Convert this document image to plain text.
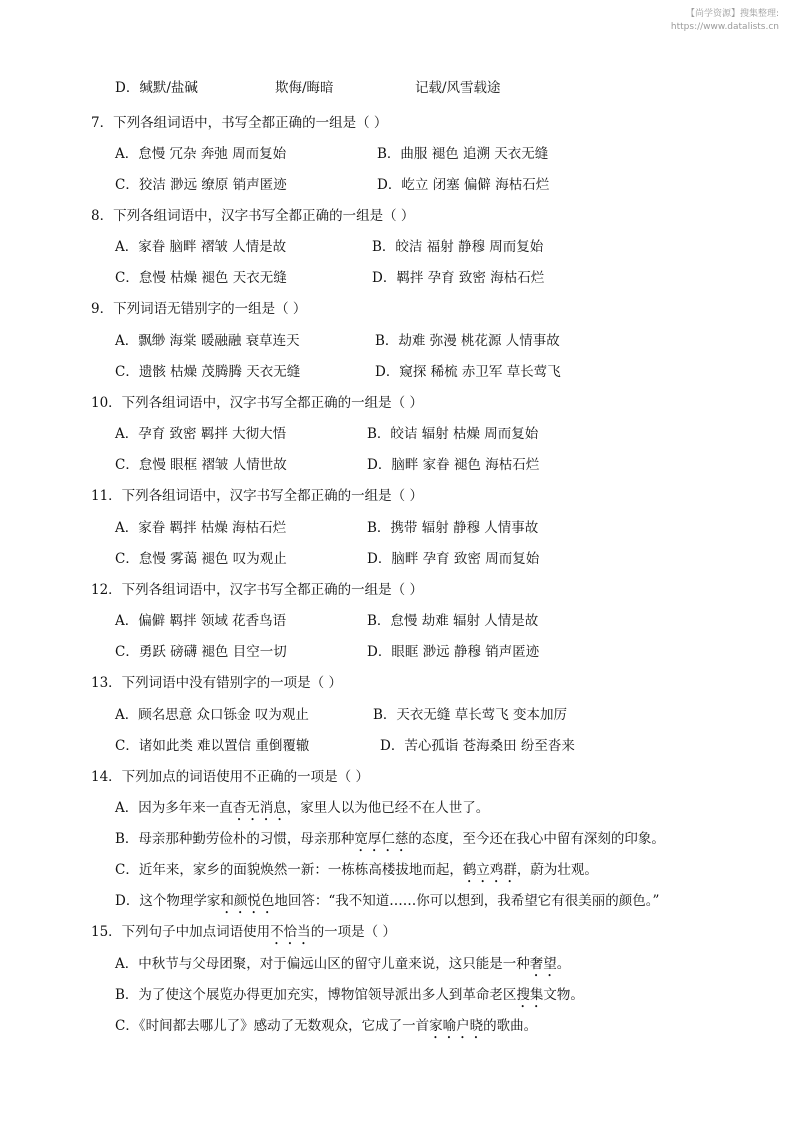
【尚学资源】搜集整理:
https://www.datalists.cn
D．缄默/盐碱	欺侮/晦暗	记载/风雪载途
7．下列各组词语中，书写全都正确的一组是（ ）
A．怠慢 冗杂 奔弛 周而复始	B．曲服 褪色 追溯 天衣无缝
C．狡洁 渺远 缭原 销声匿迹	D．屹立 闭塞 偏僻 海枯石烂
8．下列各组词语中，汉字书写全都正确的一组是（ ）
A．家眷 脑畔 褶皱 人情是故	B．皎洁 福射 静穆 周而复始
C．怠慢 枯燥 褪色 天衣无缝	D．羁拌 孕育 致密 海枯石烂
9．下列词语无错别字的一组是（ ）
A．飘缈 海棠 暖融融 衰草连天	B．劫难 弥漫 桃花源 人情事故
C．遗骸 枯燥 茂腾腾 天衣无缝	D．窥探 稀梳 赤卫军 草长莺飞
10．下列各组词语中，汉字书写全都正确的一组是（ ）
A．孕育 致密 羁拌 大彻大悟	B．皎诘 辐射 枯燥 周而复始
C．怠慢 眼框 褶皱 人情世故	D．脑畔 家眷 褪色 海枯石烂
11．下列各组词语中，汉字书写全都正确的一组是（ ）
A．家眷 羁拌 枯燥 海枯石烂	B．携带 辐射 静穆 人情事故
C．怠慢 雾蔼 褪色 叹为观止	D．脑畔 孕育 致密 周而复始
12．下列各组词语中，汉字书写全都正确的一组是（ ）
A．偏僻 羁拌 领域 花香鸟语	B．怠慢 劫难 辐射 人情是故
C．勇跃 磅礴 褪色 目空一切	D．眼眶 渺远 静穆 销声匿迹
13．下列词语中没有错别字的一项是（ ）
A．顾名思意 众口铄金 叹为观止	B．天衣无缝 草长莺飞 变本加厉
C．诸如此类 难以置信 重倒覆辙	D．苦心孤诣 苍海桑田 纷至沓来
14．下列加点的词语使用不正确的一项是（ ）
A．因为多年来一直杳无消息，家里人以为他已经不在人世了。
B．母亲那种勤劳俭朴的习惯，母亲那种宽厚仁慈的态度，至今还在我心中留有深刻的印象。
C．近年来，家乡的面貌焕然一新：一栋栋高楼拔地而起，鹤立鸡群，蔚为壮观。
D．这个物理学家和颜悦色地回答：“我不知道……你可以想到，我希望它有很美丽的颜色。”
15．下列句子中加点词语使用不恰当的一项是（ ）
A．中秋节与父母团聚，对于偏远山区的留守儿童来说，这只能是一种奢望。
B．为了使这个展览办得更加充实，博物馆领导派出多人到革命老区搜集文物。
C．《时间都去哪儿了》感动了无数观众，它成了一首家喻户晓的歌曲。
